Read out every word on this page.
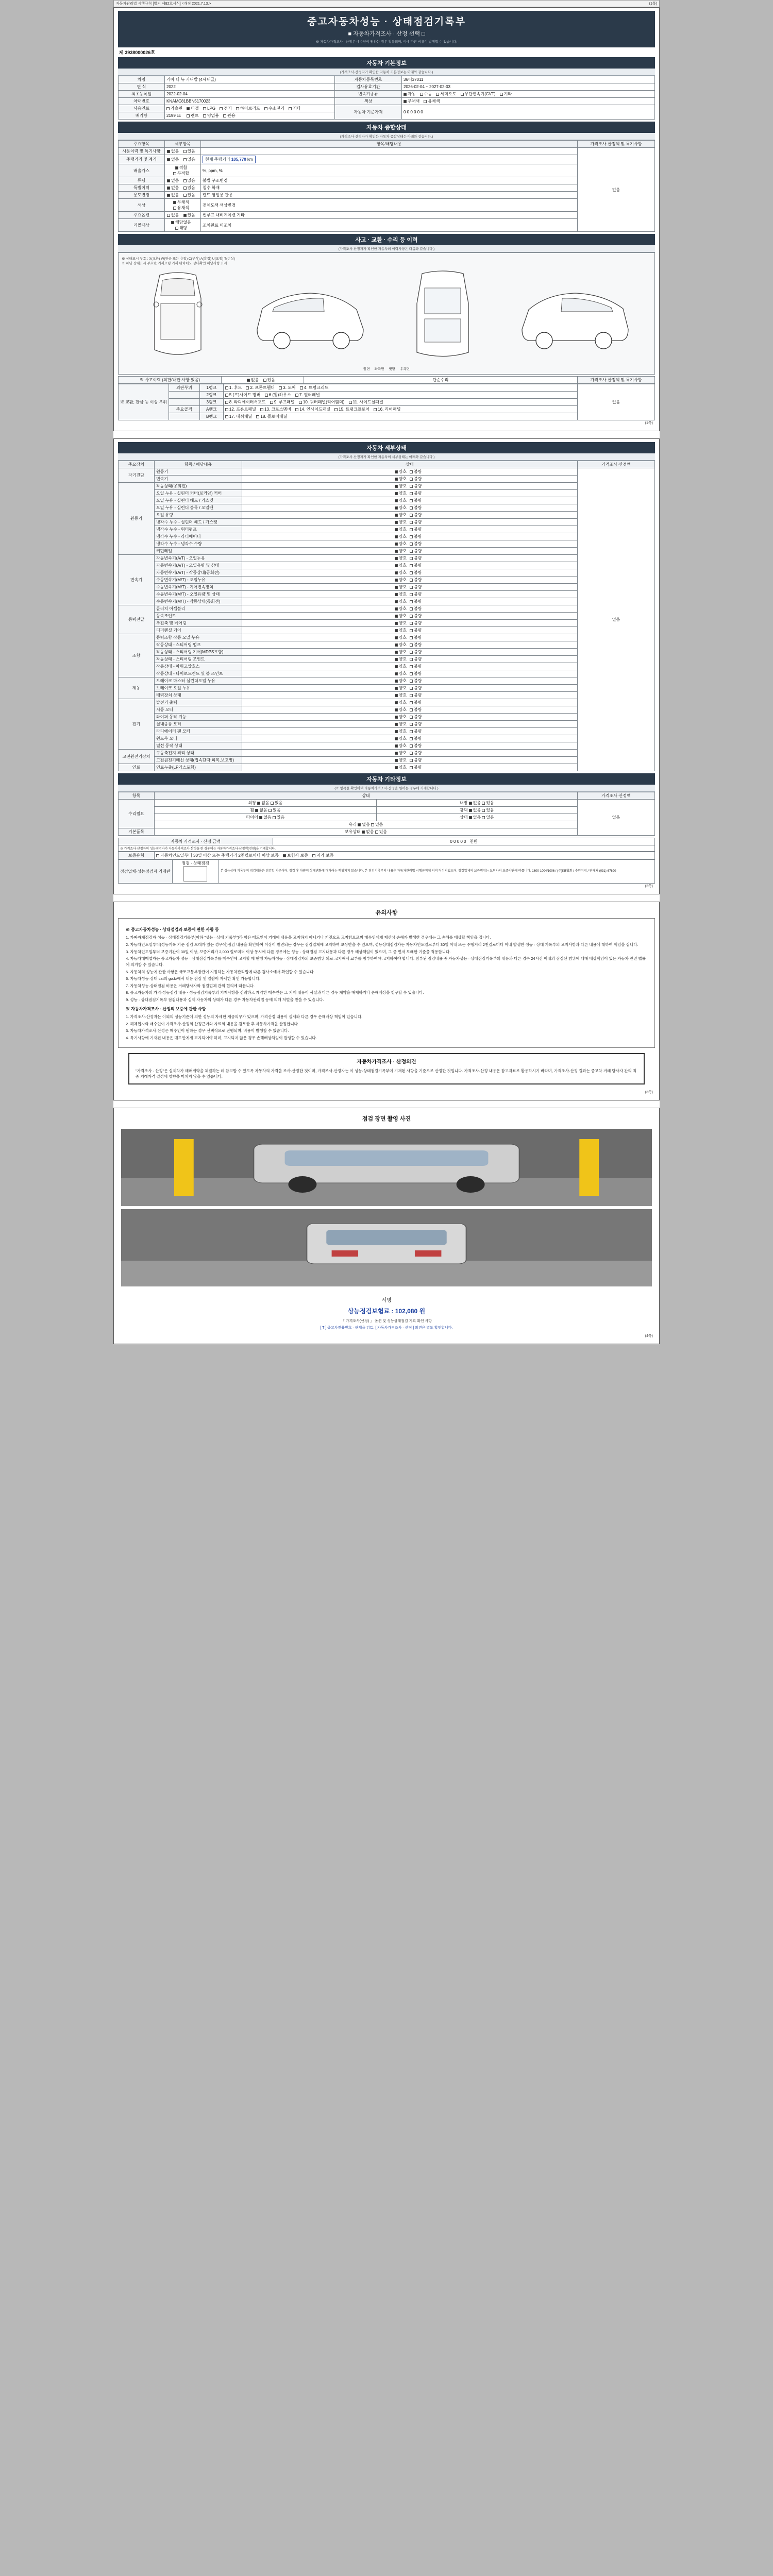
자동차관리법 시행규칙 [별지 제82호서식] <개정 2021.7.13.>	(1쪽)
중고자동차성능 · 상태점검기록부
■ 자동차가격조사 · 산정 선택 □
※ 자동차가격조사 · 산정은 매수인이 원하는 경우 적용되며, 이에 따른 비용이 발생할 수 있습니다.
제 3938000026호
자동차 기본정보
(가격조사·산정자가 확인한 자동차 기본정보는 아래와 같습니다.)
차명	기아 더 뉴 카니발 (4세대급)	자동차등록번호	36어37011
연 식	2022	검사유효기간	2026-02-04 ~ 2027-02-03
최초등록일	2022-02-04	변속기종류	자동 수동 세미오토 무단변속기(CVT) 기타
차대번호	KNAMC81BBN5170023	색상	무채색 유채색
사용연료	가솔린 디젤 LPG 전기 하이브리드 수소전기 기타	자동차 기준가격	0 0 0 0 0 0
배기량	2199 cc 렌트 영업용 관용		
자동차 종합상태
(가격조사·산정자가 확인한 자동차 종합상태는 아래와 같습니다.)
주요항목	세부항목	항목/해당내용	가격조사·산정액 및 특기사항
사용이력 및 특기사항	없음 있음		없음
주행거리 및 계기	없음 있음	현재 주행거리 105,770 km	
배출가스	적합 부적합	%, ppm, %	
튜닝	없음 있음	불법 구조변경	
특별이력	없음 있음	침수 화재	
용도변경	없음 있음	렌트 영업용 관용	
색상	무채색 유채색	전체도색 색상변경	
주요옵션	없음 있음	썬루프 내비게이션 기타	
리콜대상	해당없음 해당	조치완료 미조치	
사고 · 교환 · 수리 등 이력
(가격조사·산정자가 확인한 자동차의 이력사항은 다음과 같습니다.)
※ 상태표시 부호 : X(교환) W(판금 또는 용접) C(부식) A(흠집) U(요철) T(손상)
※ 하단 상태표시 부호란 기재요령 기재 위치에도 상태확인 해당사항 표시
앞면     좌측면     윗면     우측면
※ 사고이력 (외판/내판 사항 있음)	없음 있음	단순수리	가격조사·산정액 및 특기사항
※ 교환, 판금 등 이상 부위	외판부위	1랭크	1. 후드 2. 프론트휀더 3. 도어 4. 트렁크리드	없음
		2랭크	5.(프)사이드 멤버 6.(휠)하우스 7. 필러패널	
		3랭크	8. 라디에이터서포트 9. 루프패널 10. 쿼터패널(리어휀더) 11. 사이드실패널	
	주요골격	A랭크	12. 프론트패널 13. 크로스멤버 14. 인사이드패널 15. 트렁크플로어 16. 리어패널	
		B랭크	17. 대쉬패널 18. 플로어패널	
(1쪽)
자동차 세부상태
(가격조사·산정자가 확인한 자동차의 세부상태는 아래와 같습니다.)
주요장치	항목 / 해당내용	상태	가격조사·산정액
자기진단	원동기	양호 불량	없음
	변속기	양호 불량	
원동기	작동상태(공회전)	양호 불량	
	오일 누유 - 실린더 커버(로커암) 커버	양호 불량	
	오일 누유 - 실린더 헤드 / 가스켓	양호 불량	
	오일 누유 - 실린더 블록 / 오일팬	양호 불량	
	오일 유량	양호 불량	
	냉각수 누수 - 실린더 헤드 / 가스켓	양호 불량	
	냉각수 누수 - 워터펌프	양호 불량	
	냉각수 누수 - 라디에이터	양호 불량	
	냉각수 누수 - 냉각수 수량	양호 불량	
	커먼레일	양호 불량	
변속기	자동변속기(A/T) - 오일누유	양호 불량	
	자동변속기(A/T) - 오일유량 및 상태	양호 불량	
	자동변속기(A/T) - 작동상태(공회전)	양호 불량	
	수동변속기(M/T) - 오일누유	양호 불량	
	수동변속기(M/T) - 기어변속장치	양호 불량	
	수동변속기(M/T) - 오일유량 및 상태	양호 불량	
	수동변속기(M/T) - 작동상태(공회전)	양호 불량	
동력전달	클러치 어셈블리	양호 불량	
	등속조인트	양호 불량	
	추진축 및 베어링	양호 불량	
	디퍼렌셜 기어	양호 불량	
조향	동력조향 작동 오일 누유	양호 불량	
	작동상태 - 스티어링 펌프	양호 불량	
	작동상태 - 스티어링 기어(MDPS포함)	양호 불량	
	작동상태 - 스티어링 조인트	양호 불량	
	작동상태 - 파워고압호스	양호 불량	
	작동상태 - 타이로드엔드 및 볼 조인트	양호 불량	
제동	브레이크 마스터 실린더오일 누유	양호 불량	
	브레이크 오일 누유	양호 불량	
	배력장치 상태	양호 불량	
전기	발전기 출력	양호 불량	
	시동 모터	양호 불량	
	와이퍼 동작 기능	양호 불량	
	실내송풍 모터	양호 불량	
	라디에이터 팬 모터	양호 불량	
	윈도우 모터	양호 불량	
	열선 동작 상태	양호 불량	
고전원전기장치	구동축전지 격리 상태	양호 불량	
	고전원전기배선 상태(접속단자,피복,보호망)	양호 불량	
연료	연료누출(LP가스포함)	양호 불량	
자동차 기타정보
(※ 항목을 확인하여 자동차가격조사·산정을 원하는 경우에 기재합니다.)
항목	상태		가격조사·산정액
수리필요	외장 없음 있음	내장 없음 있음	없음
	휠 없음 있음	광택 없음 있음	
	타이어 없음 있음	상태 없음 있음	
	유리 없음 있음		
기본품목	보유상태 없음 있음		
자동차 가격조사 · 산정 금액	0 0 0 0 0 천원
※ 가격조사·산정자의 성능점검자가 자동차가격조사·산정을 한 경우에는 자동차가격조사·산정액(천원)을 기재합니다.
보증유형	자동차인도일부터 30일 이상 또는 주행거리 2천킬로미터 이상 보증 보험사 보증 자가 보증
점검업체·성능점검자 기재란	점검 · 상태점검
	본 성능상태 기록부의 점검내용은 점검일 기준이며, 점검 후 차량의 상태변화에 대하여는 책임지지 않습니다. 본 점검기록부의 내용은 자동차관리법 시행규칙에 의거 작성되었으며, 점검업체의 보증범위는 보험사의 보증약관에 따릅니다. 1600-1004/1006 / (주)KB협회 / 수원지점 / 연락처 (031)-67690
(2쪽)
유의사항
※ 중고자동차성능 · 상태점검과 보증에 관한 사항 등

1. 가짜자계점검자·성능 · 상태점검기록부(이하 "성능 · 상태 기록부")라 함은 매도인이 거래에 내용을 고지하기 아니거나 거짓으로 고지함으로써 매수인에게 재산상 손해가 발생한 경우에는 그 손해를 배상할 책임을 집니다.

2. 자동차인도일부터(성능기록 기준 점검 오래가 있는 경우에)점검 내용을 확인하여 이상이 발견되는 경우는 점검업체에 고지하여 보상받을 수 있으며, 성능상태점검자는 자동차인도일로부터 30일 이내 또는 주행거리 2천킬로미터 이내 발생한 성능 · 상태 기록부의 고지사항과 다른 내용에 대하여 책임을 집니다.

3. 자동차인도일부터 보증기간이 30일 이상, 보증거리가 2,000 킬로미터 이상 동시에 다른 경우에는 성능 · 상태점검 고지내용과 다른 경우 배상책임이 있으며, 그 중 먼저 도래한 기준을 적용합니다.

4. 자동차매매업자는 중고자동차 성능 · 상태점검기록부를 매수인에 고지할 때 현행 자동차성능 · 상태점검자의 보증범위 외로 고지해서 교부를 첨부하여야 고지하여야 합니다. 첨부된 점검내용 중 자동차성능 · 상태점검기록부의 내용과 다른 경우 24시간 이내의 점검된 범위에 대해 배상책임이 있는 자동차 관련 법률에 의거할 수 있습니다.

5. 자동차의 성능에 관한 사항은 국토교통부장관이 지정하는 자동차관리법에 따른 검사소에서 확인할 수 있습니다.

6. 자동차성능·상태 cat의 go.kr에서 내용 점검 및 열람이 자세한 확인 가능합니다.

7. 자동차성능·상태점검 비용은 거래당사자와 점검업체 간의 협의에 따릅니다.

8. 중고자동차의 가격·성능점검 내용 - 성능점검기록부의 기재사항을 신뢰하고 계약한 매수인은 그 기재 내용이 사실과 다른 경우 계약을 해제하거나 손해배상을 청구할 수 있습니다.

9. 성능 · 상태점검기록부 점검내용과 실제 자동차의 상태가 다른 경우 자동차관리법 등에 의해 처벌을 받을 수 있습니다.

※ 자동차가격조사 · 산정의 보증에 관한 사항

1. 가격조사·산정자는 이외의 성능기준에 의한 성능의 자세한 제공의무가 있으며, 가격산정 내용이 실제와 다른 경우 손해배상 책임이 있습니다.

2. 해체업자와 매수인이 가격조사·산정의 산정근거와 자료의 내용을 검토한 후 자동차가격을 산정합니다.

3. 자동차가격조사·산정은 매수인이 원하는 경우 선택적으로 진행되며, 비용이 발생할 수 있습니다.

4. 특기사항에 기재된 내용은 매도인에게 고지되어야 하며, 고지되지 않은 경우 손해배상책임이 발생할 수 있습니다.

자동차가격조사 · 산정의견
"가격조사 · 산정"은 실제차가 매매계약을 체결하는 데 참고할 수 있도록 자동차의 가격을 조사·산정한 것이며, 가격조사·산정자는 이 성능·상태점검기록부에 기재된 사항을 기준으로 산정한 것입니다. 가격조사·산정 내용은 참고자료로 활용하시기 바라며, 가격조사·산정 결과는 중고차 거래 당사자 간의 최종 거래가격 결정에 영향을 미치지 않을 수 있습니다.
(3쪽)
점검 장면 촬영 사진
서명
상능점검보험료 : 102,080 원
「 가격조사(산정) 」 옵션 및 성능상태점검 기록 확인 사항
[ T ] 중고차전용번호 · 관세율 검토. [ 자동차가격조사 · 산정 ] 의견은 별도 확인합니다.
(4쪽)
